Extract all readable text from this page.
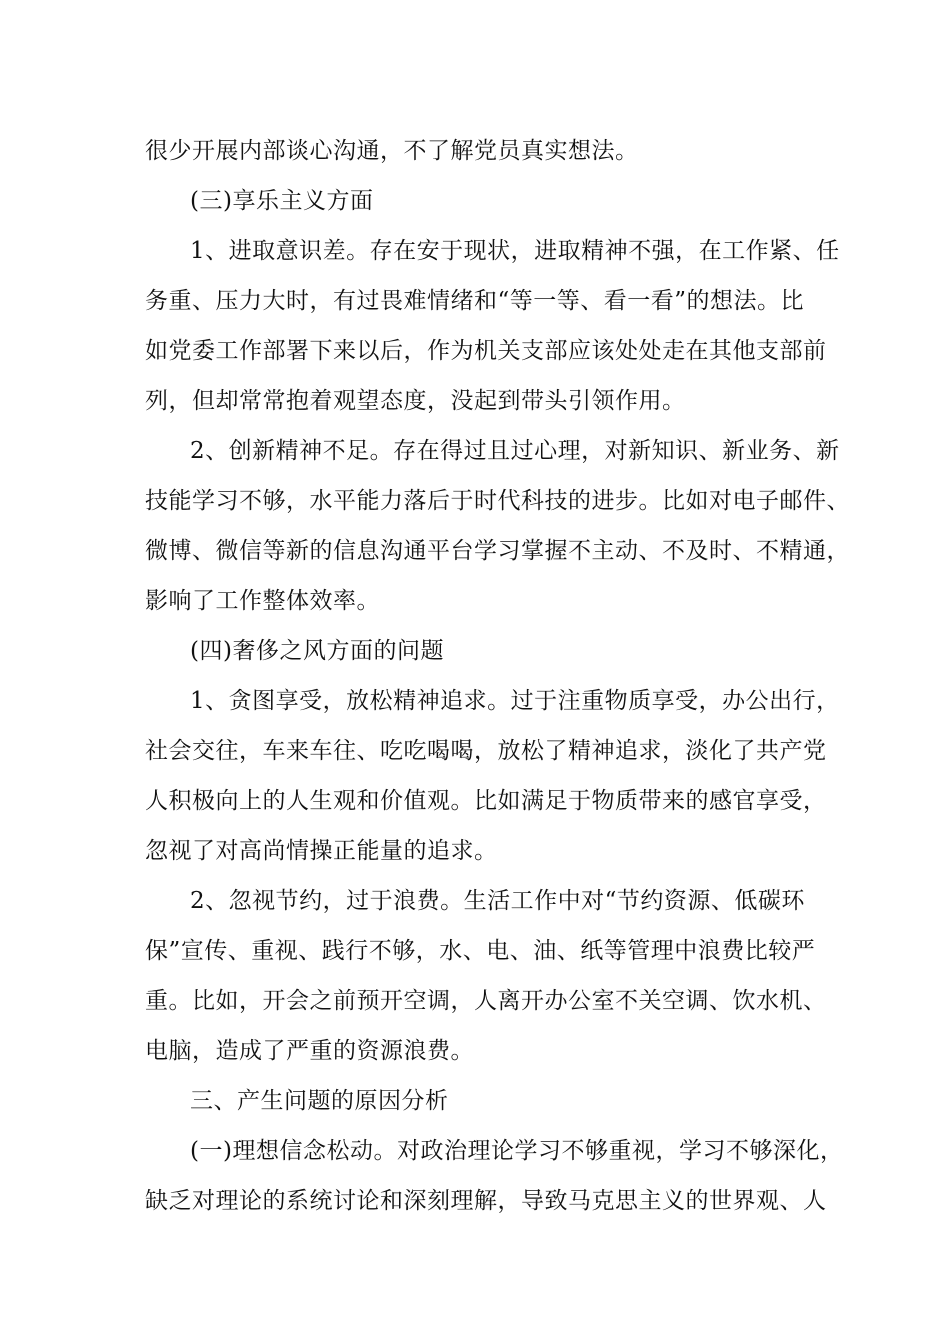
很少开展内部谈心沟通，不了解党员真实想法。
(三)享乐主义方面
1、进取意识差。存在安于现状，进取精神不强，在工作紧、任
务重、压力大时，有过畏难情绪和“等一等、看一看”的想法。比
如党委工作部署下来以后，作为机关支部应该处处走在其他支部前
列，但却常常抱着观望态度，没起到带头引领作用。
2、创新精神不足。存在得过且过心理，对新知识、新业务、新
技能学习不够，水平能力落后于时代科技的进步。比如对电子邮件、
微博、微信等新的信息沟通平台学习掌握不主动、不及时、不精通，
影响了工作整体效率。
(四)奢侈之风方面的问题
1、贪图享受，放松精神追求。过于注重物质享受，办公出行，
社会交往，车来车往、吃吃喝喝，放松了精神追求，淡化了共产党
人积极向上的人生观和价值观。比如满足于物质带来的感官享受，
忽视了对高尚情操正能量的追求。
2、忽视节约，过于浪费。生活工作中对“节约资源、低碳环
保”宣传、重视、践行不够，水、电、油、纸等管理中浪费比较严
重。比如，开会之前预开空调，人离开办公室不关空调、饮水机、
电脑，造成了严重的资源浪费。
三、产生问题的原因分析
(一)理想信念松动。对政治理论学习不够重视，学习不够深化，
缺乏对理论的系统讨论和深刻理解，导致马克思主义的世界观、人
